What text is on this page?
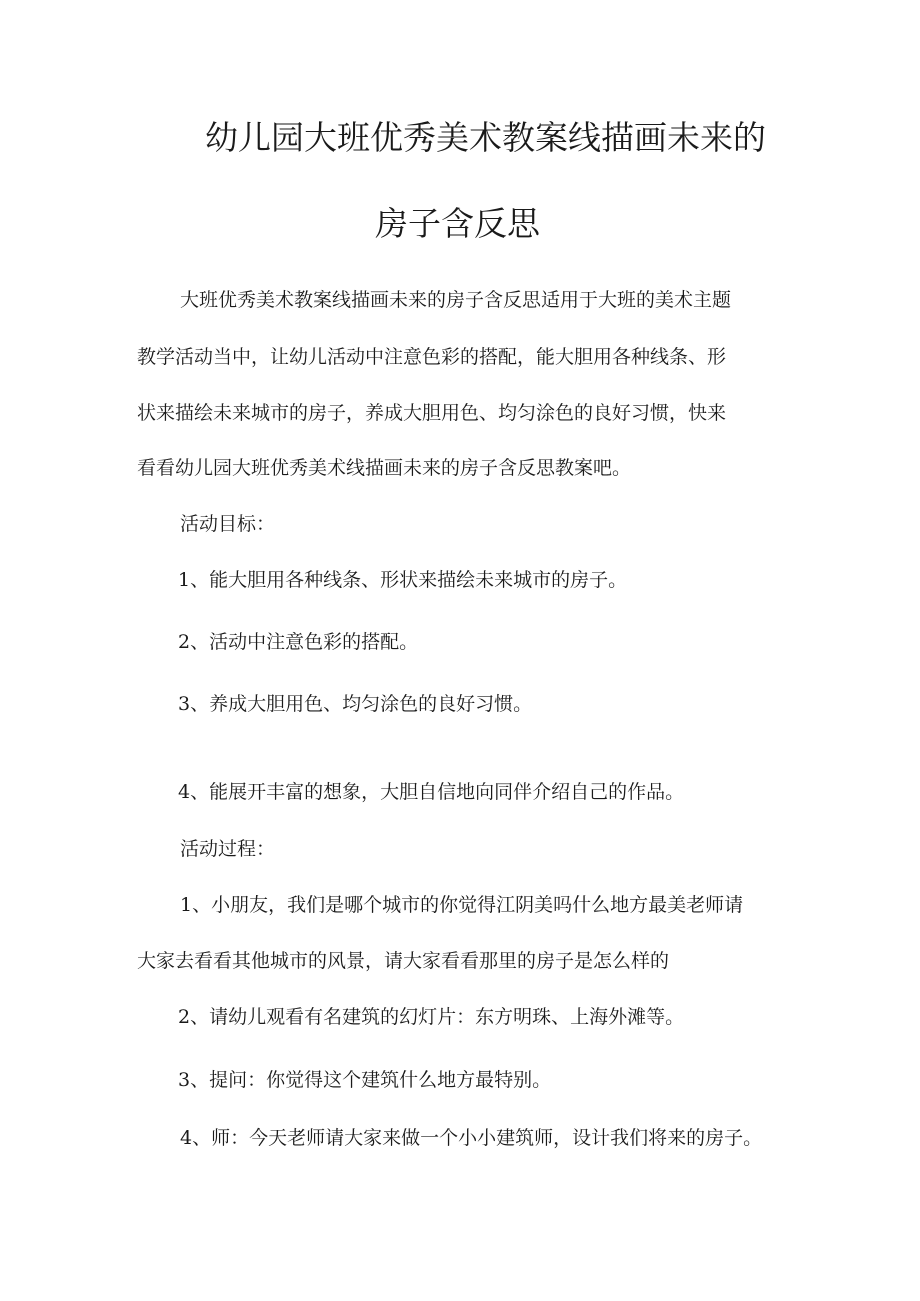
幼儿园大班优秀美术教案线描画未来的
房子含反思
大班优秀美术教案线描画未来的房子含反思适用于大班的美术主题
教学活动当中，让幼儿活动中注意色彩的搭配，能大胆用各种线条、形
状来描绘未来城市的房子，养成大胆用色、均匀涂色的良好习惯，快来
看看幼儿园大班优秀美术线描画未来的房子含反思教案吧。
活动目标：
1、能大胆用各种线条、形状来描绘未来城市的房子。
2、活动中注意色彩的搭配。
3、养成大胆用色、均匀涂色的良好习惯。
4、能展开丰富的想象，大胆自信地向同伴介绍自己的作品。
活动过程：
1、小朋友，我们是哪个城市的你觉得江阴美吗什么地方最美老师请
大家去看看其他城市的风景，请大家看看那里的房子是怎么样的
2、请幼儿观看有名建筑的幻灯片：东方明珠、上海外滩等。
3、提问：你觉得这个建筑什么地方最特别。
4、师：今天老师请大家来做一个小小建筑师，设计我们将来的房子。
